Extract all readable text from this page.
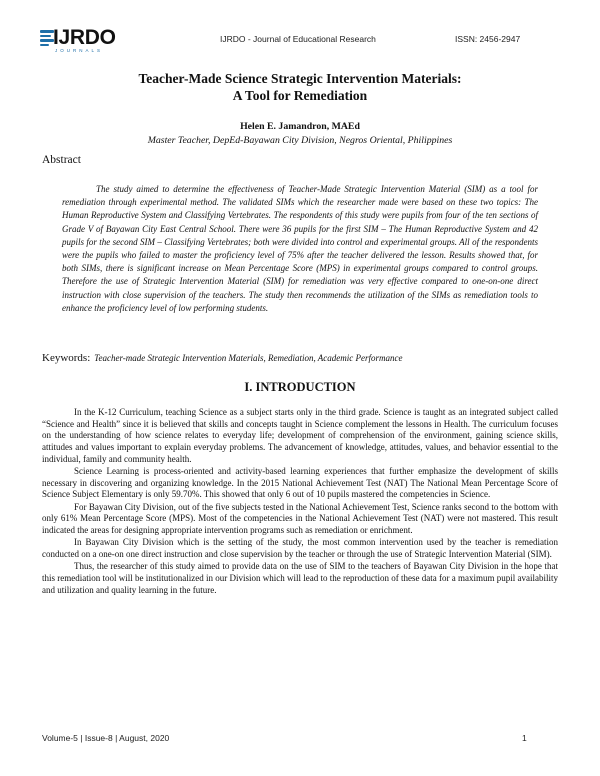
IJRDO
JOURNALS
IJRDO - Journal of Educational Research	ISSN: 2456-2947
Teacher-Made Science Strategic Intervention Materials:
A Tool for Remediation
Helen E. Jamandron, MAEd
Master Teacher, DepEd-Bayawan City Division, Negros Oriental, Philippines
Abstract

The study aimed to determine the effectiveness of Teacher-Made Strategic Intervention Material (SIM) as a tool for remediation through experimental method. The validated SIMs which the researcher made were based on these two topics: The Human Reproductive System and Classifying Vertebrates. The respondents of this study were pupils from four of the ten sections of Grade V of Bayawan City East Central School. There were 36 pupils for the first SIM – The Human Reproductive System and 42 pupils for the second SIM – Classifying Vertebrates; both were divided into control and experimental groups. All of the respondents were the pupils who failed to master the proficiency level of 75% after the teacher delivered the lesson. Results showed that, for both SIMs, there is significant increase on Mean Percentage Score (MPS) in experimental groups compared to control groups. Therefore the use of Strategic Intervention Material (SIM) for remediation was very effective compared to one-on-one direct instruction with close supervision of the teachers. The study then recommends the utilization of the SIMs as remediation tools to enhance the proficiency level of low performing students.

Keywords: Teacher-made Strategic Intervention Materials, Remediation, Academic Performance
I. INTRODUCTION

In the K-12 Curriculum, teaching Science as a subject starts only in the third grade. Science is taught as an integrated subject called “Science and Health” since it is believed that skills and concepts taught in Science complement the lessons in Health. The curriculum focuses on the understanding of how science relates to everyday life; development of comprehension of the environment, gaining science skills, attitudes and values important to explain everyday problems. The advancement of knowledge, attitudes, values, and behavior essential to the individual, family and community health.

Science Learning is process-oriented and activity-based learning experiences that further emphasize the development of skills necessary in discovering and organizing knowledge. In the 2015 National Achievement Test (NAT) The National Mean Percentage Score of Science Subject Elementary is only 59.70%. This showed that only 6 out of 10 pupils mastered the competencies in Science.

For Bayawan City Division, out of the five subjects tested in the National Achievement Test, Science ranks second to the bottom with only 61% Mean Percentage Score (MPS). Most of the competencies in the National Achievement Test (NAT) were not mastered. This result indicated the areas for designing appropriate intervention programs such as remediation or enrichment.

In Bayawan City Division which is the setting of the study, the most common intervention used by the teacher is remediation conducted on a one-on one direct instruction and close supervision by the teacher or through the use of Strategic Intervention Material (SIM).

Thus, the researcher of this study aimed to provide data on the use of SIM to the teachers of Bayawan City Division in the hope that this remediation tool will be institutionalized in our Division which will lead to the reproduction of these data for a maximum pupil availability and utilization and quality learning in the future.

Volume-5 | Issue-8 | August, 2020	1
